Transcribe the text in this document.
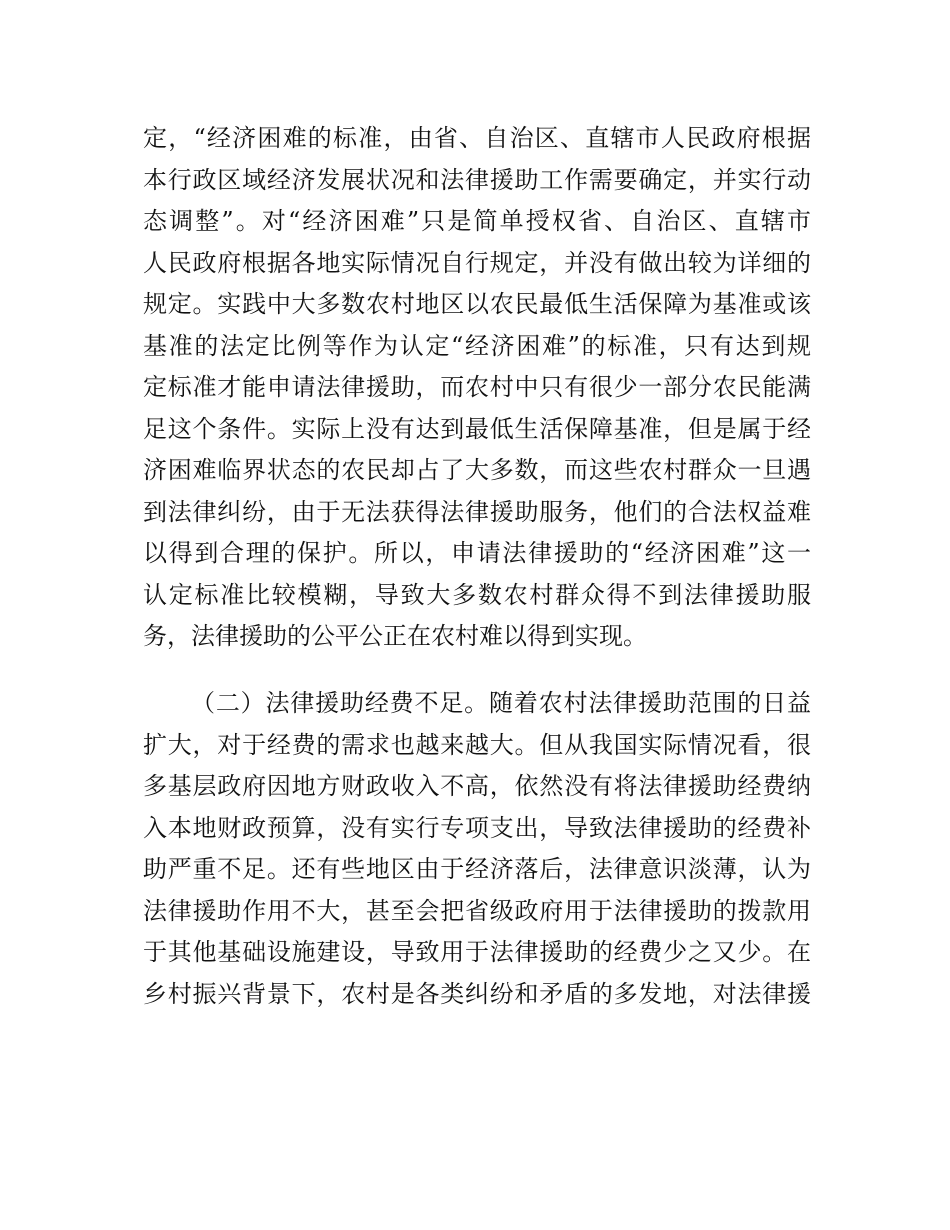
定，“经济困难的标准，由省、自治区、直辖市人民政府根据
本行政区域经济发展状况和法律援助工作需要确定，并实行动
态调整”。对“经济困难”只是简单授权省、自治区、直辖市
人民政府根据各地实际情况自行规定，并没有做出较为详细的
规定。实践中大多数农村地区以农民最低生活保障为基准或该
基准的法定比例等作为认定“经济困难”的标准，只有达到规
定标准才能申请法律援助，而农村中只有很少一部分农民能满
足这个条件。实际上没有达到最低生活保障基准，但是属于经
济困难临界状态的农民却占了大多数，而这些农村群众一旦遇
到法律纠纷，由于无法获得法律援助服务，他们的合法权益难
以得到合理的保护。所以，申请法律援助的“经济困难”这一
认定标准比较模糊，导致大多数农村群众得不到法律援助服
务，法律援助的公平公正在农村难以得到实现。
（二）法律援助经费不足。随着农村法律援助范围的日益
扩大，对于经费的需求也越来越大。但从我国实际情况看，很
多基层政府因地方财政收入不高，依然没有将法律援助经费纳
入本地财政预算，没有实行专项支出，导致法律援助的经费补
助严重不足。还有些地区由于经济落后，法律意识淡薄，认为
法律援助作用不大，甚至会把省级政府用于法律援助的拨款用
于其他基础设施建设，导致用于法律援助的经费少之又少。在
乡村振兴背景下，农村是各类纠纷和矛盾的多发地，对法律援
